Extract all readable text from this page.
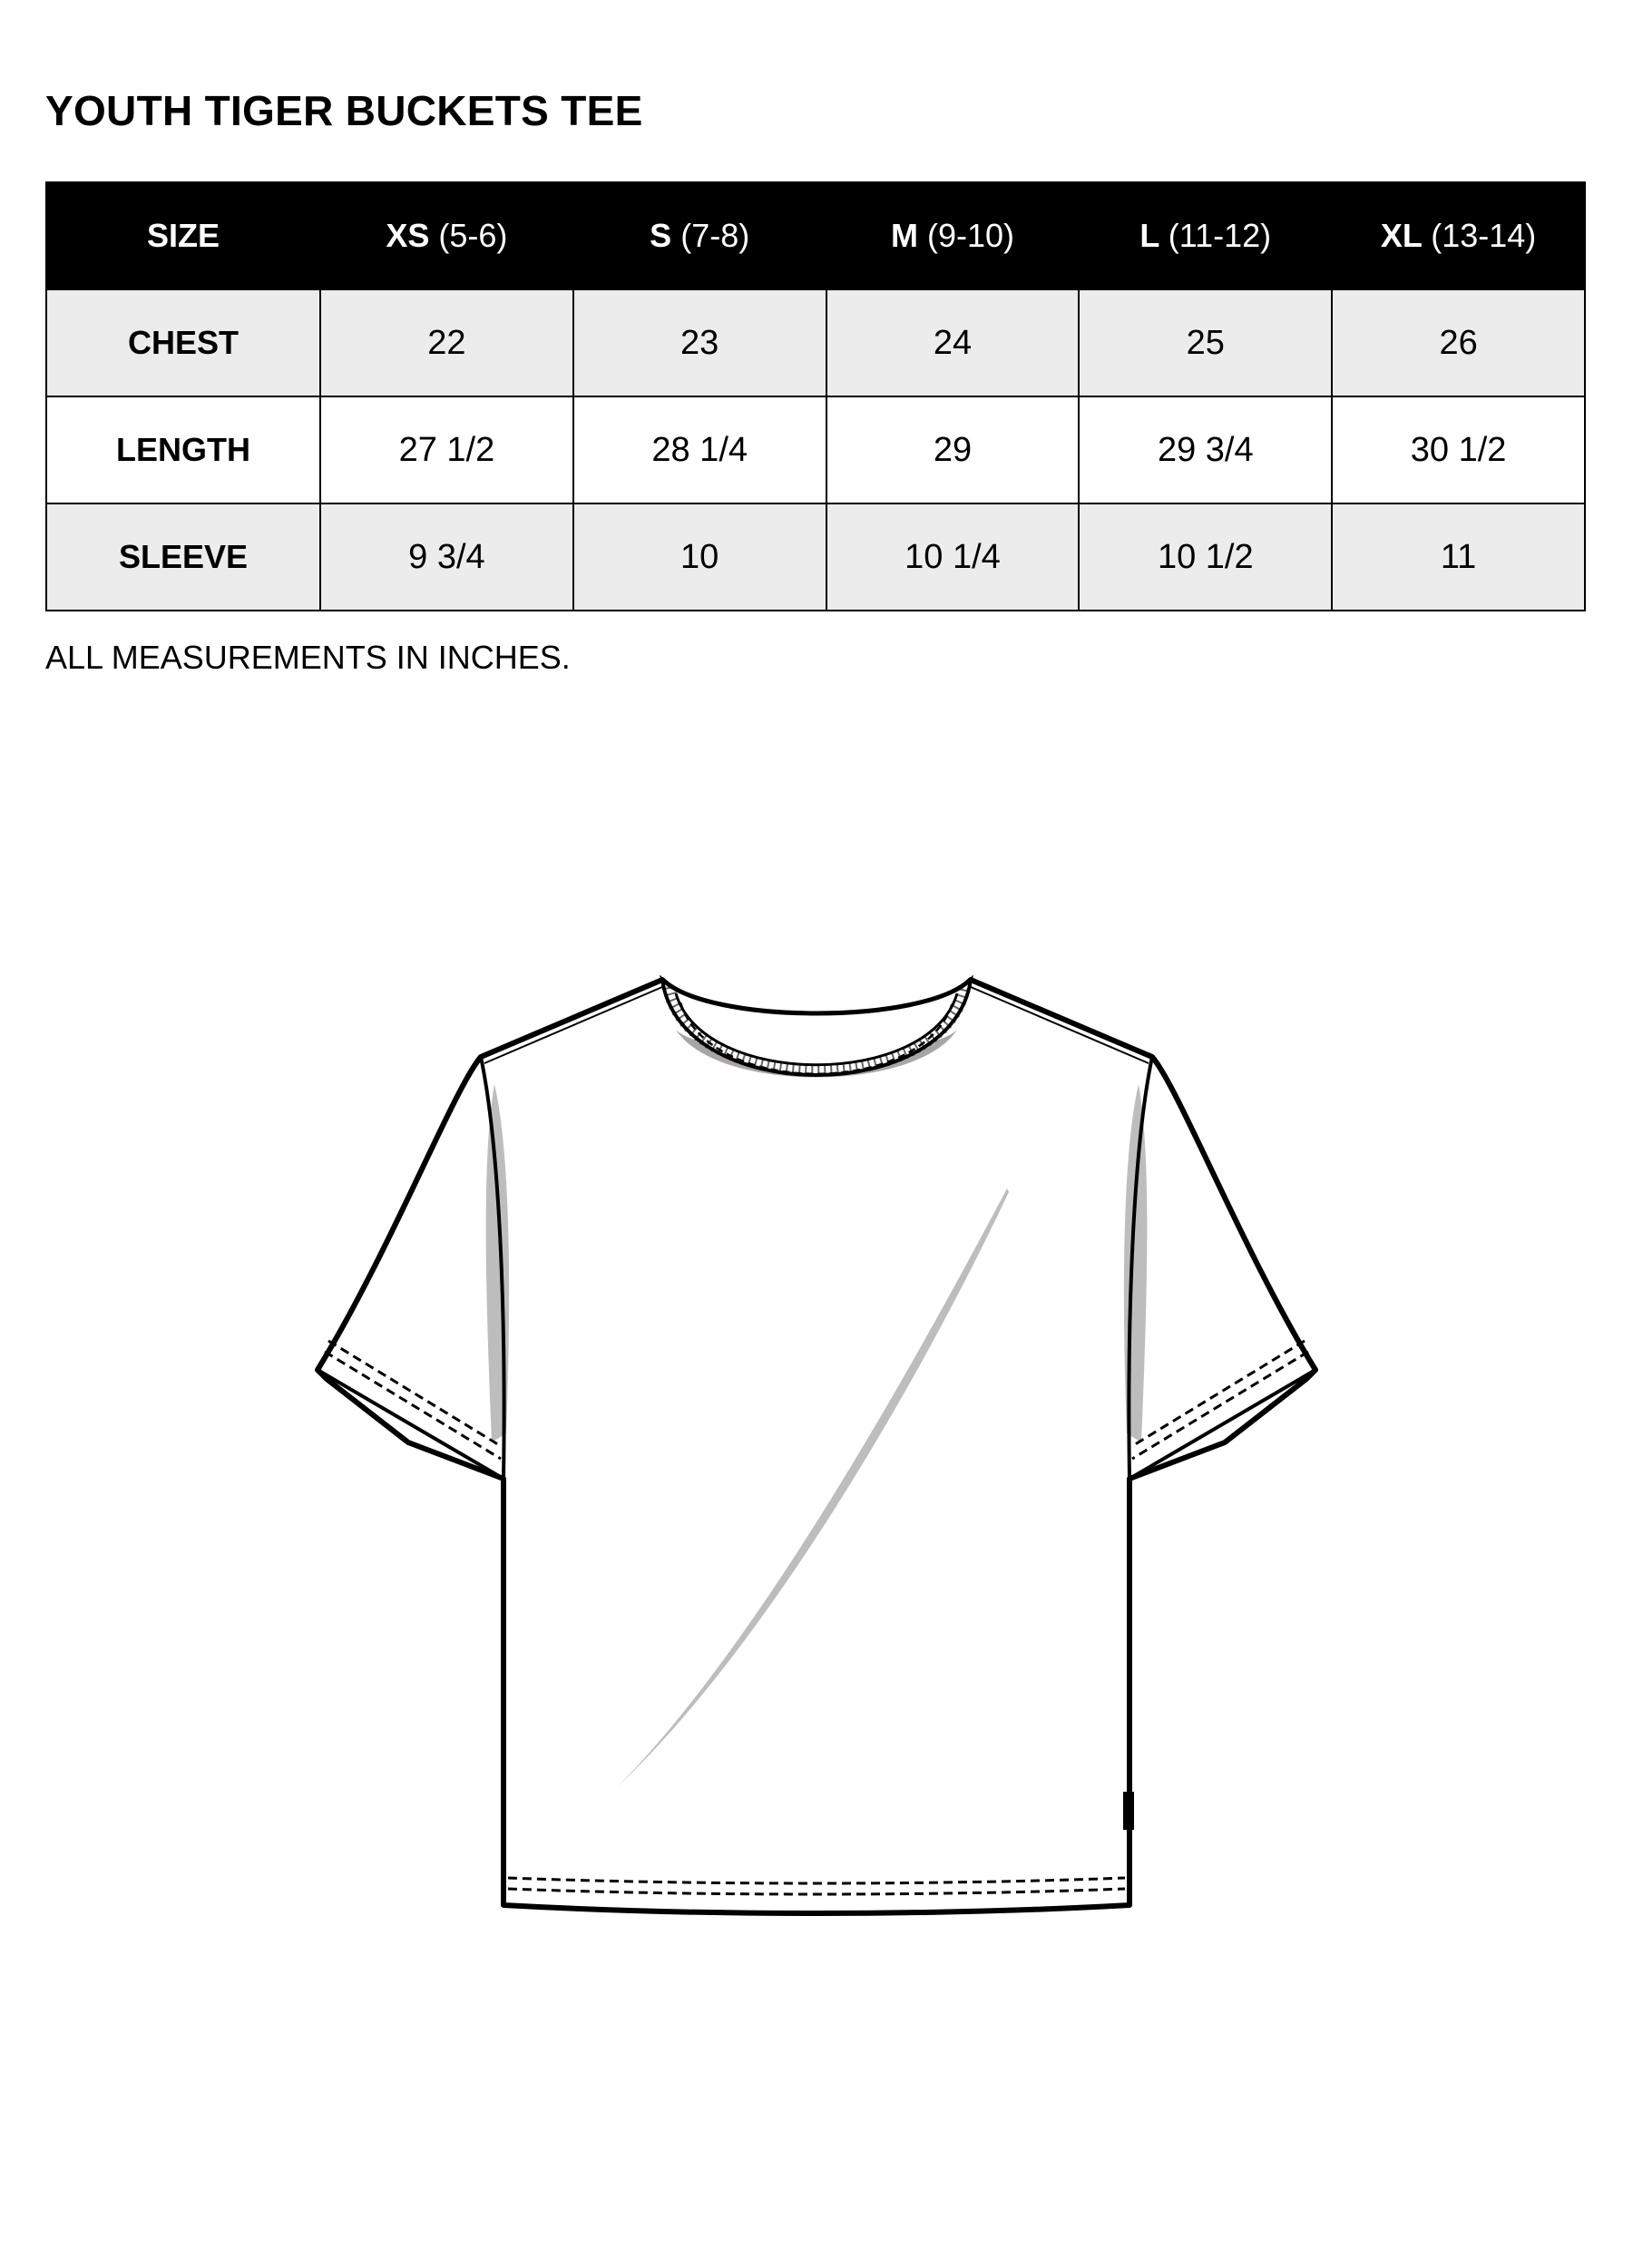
YOUTH TIGER BUCKETS TEE
SIZE	XS (5-6)	S (7-8)	M (9-10)	L (11-12)	XL (13-14)
CHEST	22	23	24	25	26
LENGTH	27 1/2	28 1/4	29	29 3/4	30 1/2
SLEEVE	9 3/4	10	10 1/4	10 1/2	11

ALL MEASUREMENTS IN INCHES.
